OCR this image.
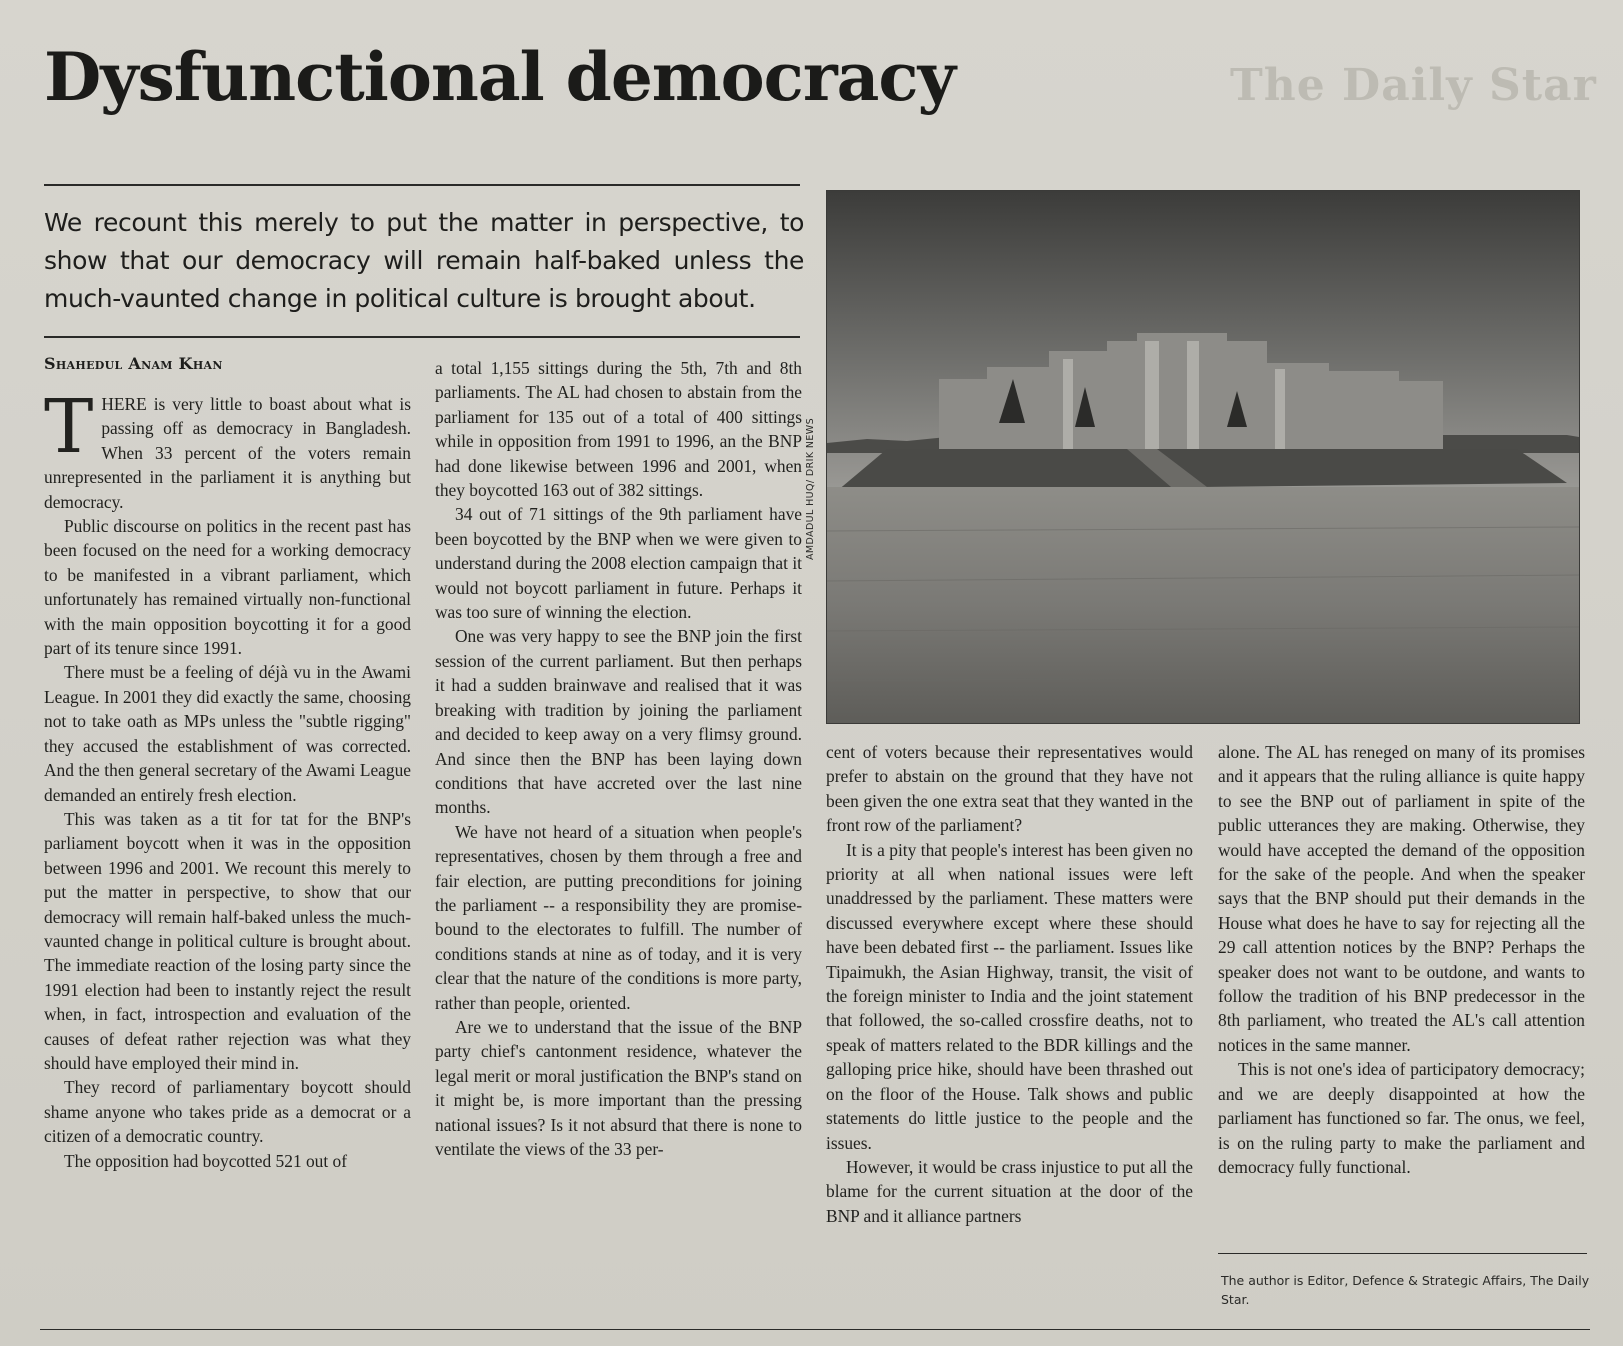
The Daily Star
Dysfunctional democracy

We recount this merely to put the matter in perspective, to show that our democracy will remain half-baked unless the much-vaunted change in political culture is brought about.

Shahedul Anam Khan

THERE is very little to boast about what is passing off as democracy in Bangladesh. When 33 percent of the voters remain unrepresented in the parliament it is anything but democracy.

Public discourse on politics in the recent past has been focused on the need for a working democracy to be manifested in a vibrant parliament, which unfortunately has remained virtually non-functional with the main opposition boycotting it for a good part of its tenure since 1991.

There must be a feeling of déjà vu in the Awami League. In 2001 they did exactly the same, choosing not to take oath as MPs unless the "subtle rigging" they accused the establishment of was corrected. And the then general secretary of the Awami League demanded an entirely fresh election.

This was taken as a tit for tat for the BNP's parliament boycott when it was in the opposition between 1996 and 2001. We recount this merely to put the matter in perspective, to show that our democracy will remain half-baked unless the much-vaunted change in political culture is brought about. The immediate reaction of the losing party since the 1991 election had been to instantly reject the result when, in fact, introspection and evaluation of the causes of defeat rather rejection was what they should have employed their mind in.

They record of parliamentary boycott should shame anyone who takes pride as a democrat or a citizen of a democratic country.

The opposition had boycotted 521 out of

a total 1,155 sittings during the 5th, 7th and 8th parliaments. The AL had chosen to abstain from the parliament for 135 out of a total of 400 sittings while in opposition from 1991 to 1996, an the BNP had done likewise between 1996 and 2001, when they boycotted 163 out of 382 sittings.

34 out of 71 sittings of the 9th parliament have been boycotted by the BNP when we were given to understand during the 2008 election campaign that it would not boycott parliament in future. Perhaps it was too sure of winning the election.

One was very happy to see the BNP join the first session of the current parliament. But then perhaps it had a sudden brainwave and realised that it was breaking with tradition by joining the parliament and decided to keep away on a very flimsy ground. And since then the BNP has been laying down conditions that have accreted over the last nine months.

We have not heard of a situation when people's representatives, chosen by them through a free and fair election, are putting preconditions for joining the parliament -- a responsibility they are promise-bound to the electorates to fulfill. The number of conditions stands at nine as of today, and it is very clear that the nature of the conditions is more party, rather than people, oriented.

Are we to understand that the issue of the BNP party chief's cantonment residence, whatever the legal merit or moral justification the BNP's stand on it might be, is more important than the pressing national issues? Is it not absurd that there is none to ventilate the views of the 33 per-

AMDADUL HUQ/ DRIK NEWS

cent of voters because their representatives would prefer to abstain on the ground that they have not been given the one extra seat that they wanted in the front row of the parliament?

It is a pity that people's interest has been given no priority at all when national issues were left unaddressed by the parliament. These matters were discussed everywhere except where these should have been debated first -- the parliament. Issues like Tipaimukh, the Asian Highway, transit, the visit of the foreign minister to India and the joint statement that followed, the so-called crossfire deaths, not to speak of matters related to the BDR killings and the galloping price hike, should have been thrashed out on the floor of the House. Talk shows and public statements do little justice to the people and the issues.

However, it would be crass injustice to put all the blame for the current situation at the door of the BNP and it alliance partners

alone. The AL has reneged on many of its promises and it appears that the ruling alliance is quite happy to see the BNP out of parliament in spite of the public utterances they are making. Otherwise, they would have accepted the demand of the opposition for the sake of the people. And when the speaker says that the BNP should put their demands in the House what does he have to say for rejecting all the 29 call attention notices by the BNP? Perhaps the speaker does not want to be outdone, and wants to follow the tradition of his BNP predecessor in the 8th parliament, who treated the AL's call attention notices in the same manner.

This is not one's idea of participatory democracy; and we are deeply disappointed at how the parliament has functioned so far. The onus, we feel, is on the ruling party to make the parliament and democracy fully functional.

The author is Editor, Defence & Strategic Affairs, The Daily Star.
